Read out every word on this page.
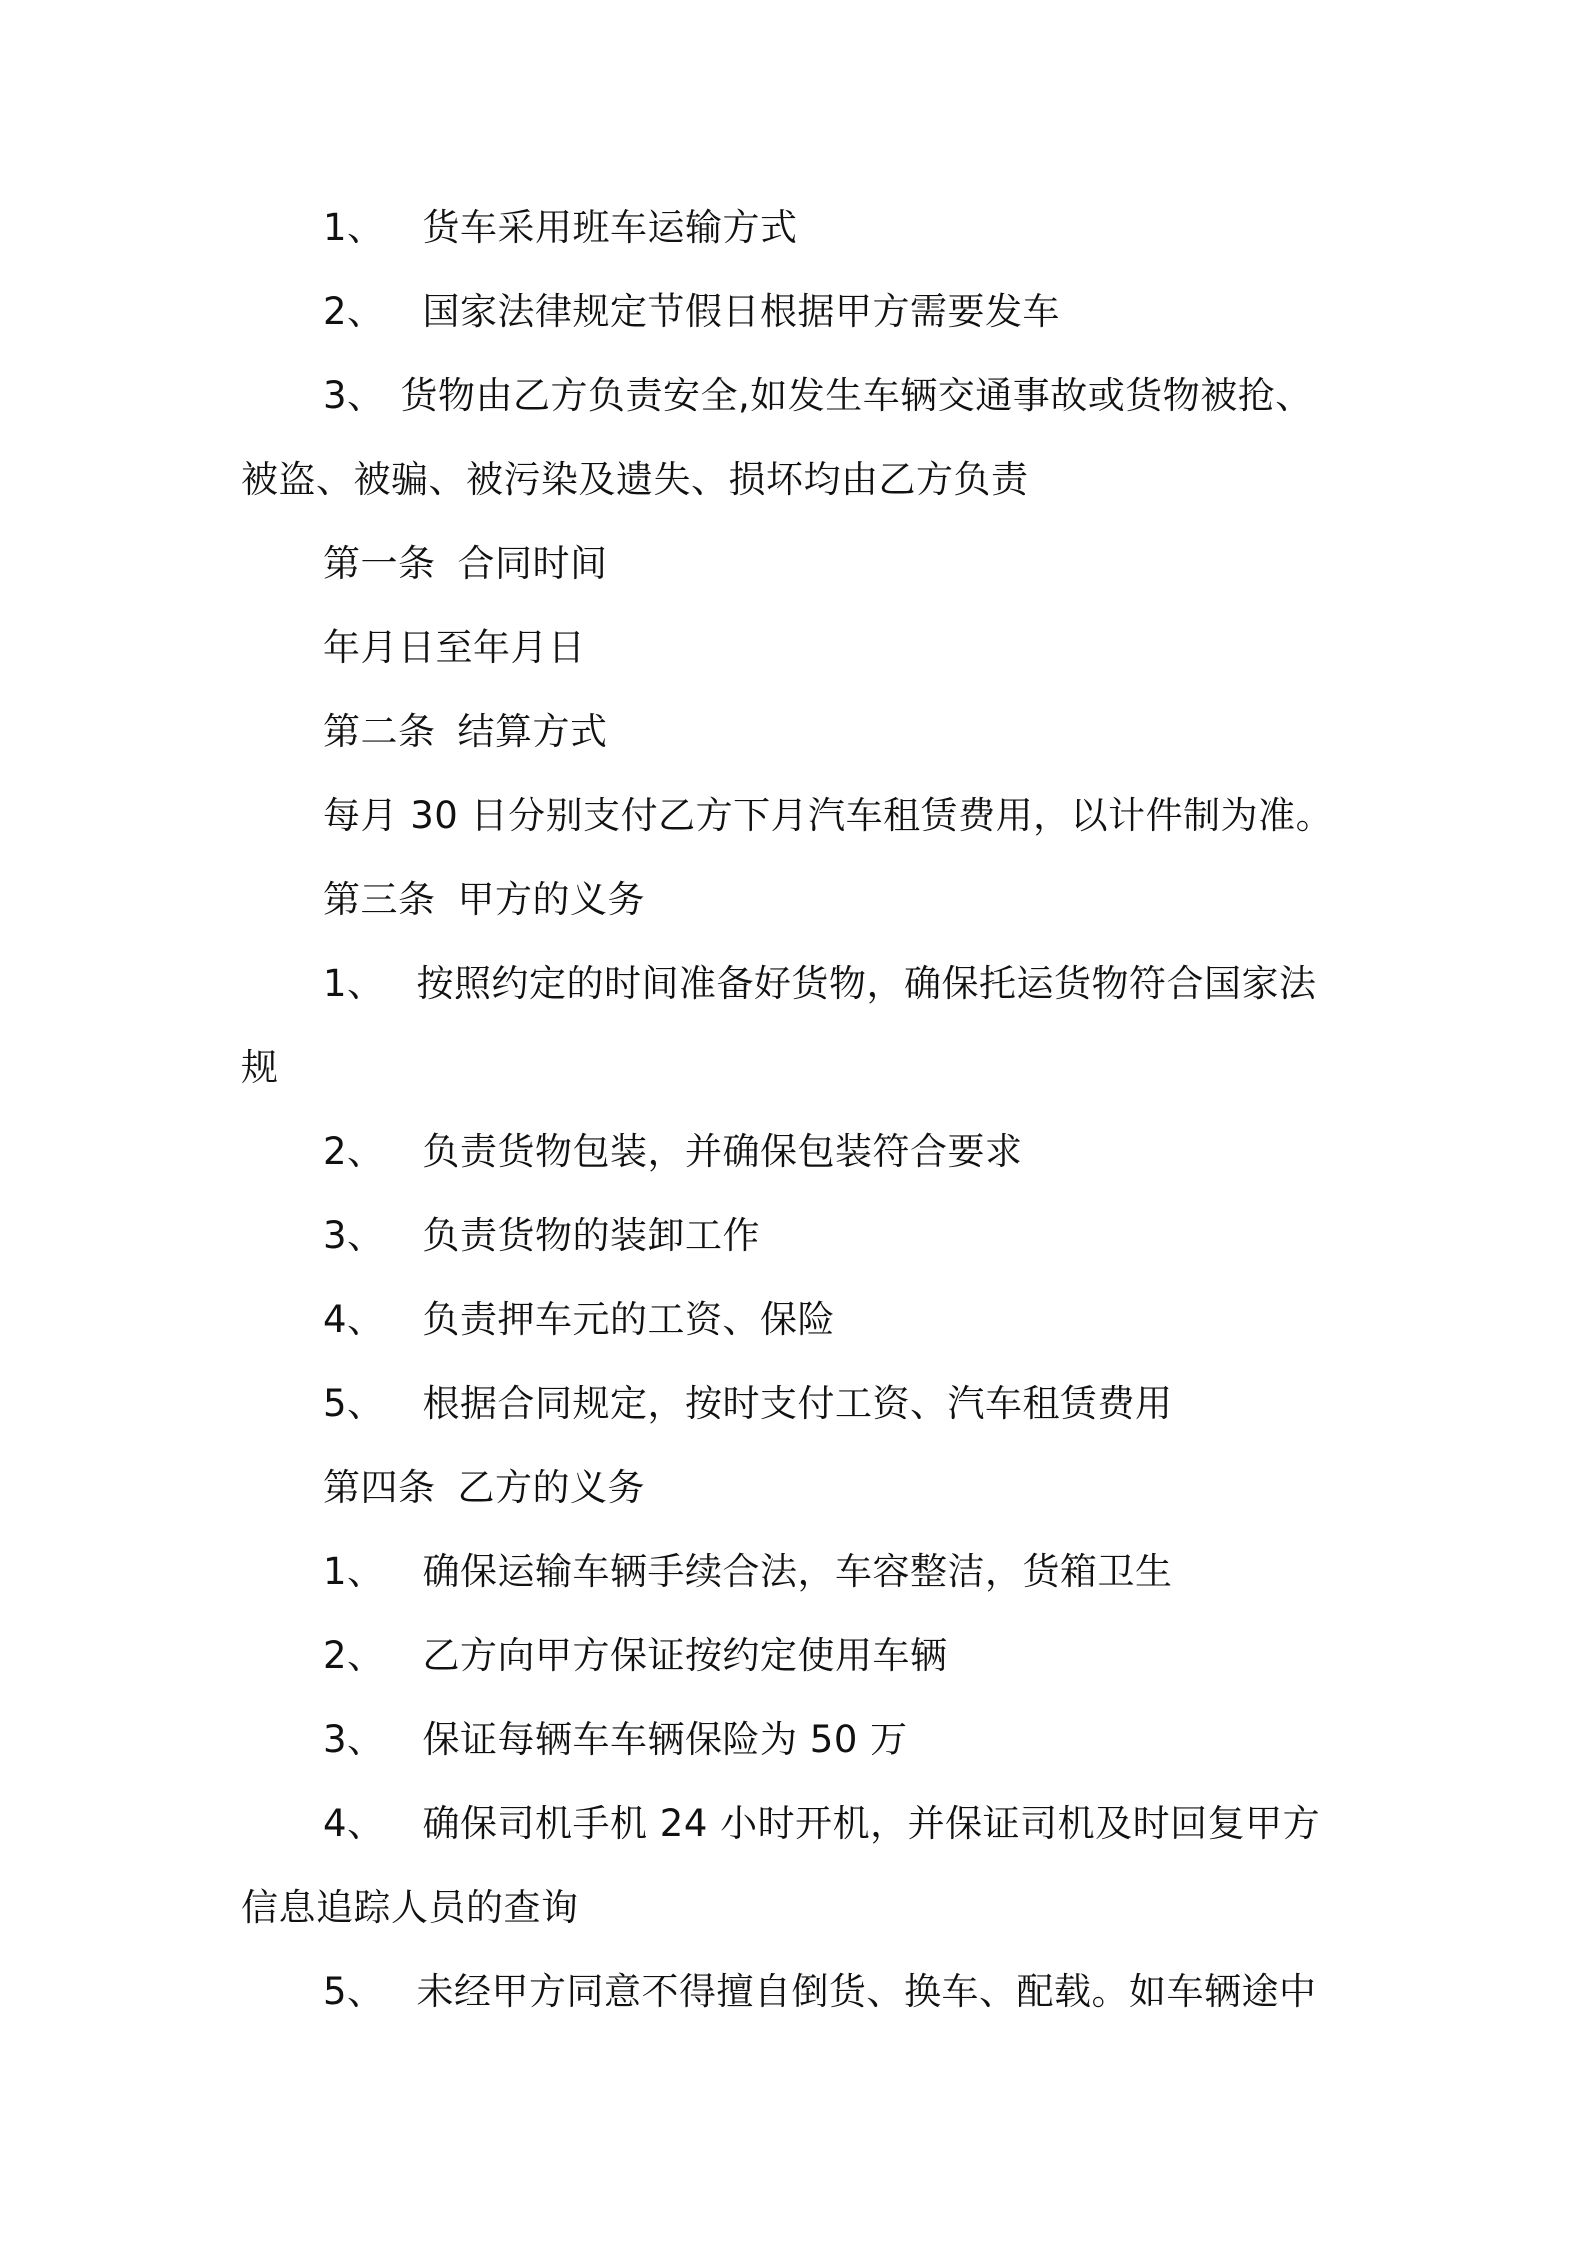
1、 货车采用班车运输方式
2、 国家法律规定节假日根据甲方需要发车
3、 货物由乙方负责安全,如发生车辆交通事故或货物被抢、
被盗、被骗、被污染及遗失、损坏均由乙方负责
第一条 合同时间
年月日至年月日
第二条 结算方式
每月 30 日分别支付乙方下月汽车租赁费用，以计件制为准。
第三条 甲方的义务
1、 按照约定的时间准备好货物，确保托运货物符合国家法
规
2、 负责货物包装，并确保包装符合要求
3、 负责货物的装卸工作
4、 负责押车元的工资、保险
5、 根据合同规定，按时支付工资、汽车租赁费用
第四条 乙方的义务
1、 确保运输车辆手续合法，车容整洁，货箱卫生
2、 乙方向甲方保证按约定使用车辆
3、 保证每辆车车辆保险为 50 万
4、 确保司机手机 24 小时开机，并保证司机及时回复甲方
信息追踪人员的查询
5、 未经甲方同意不得擅自倒货、换车、配载。如车辆途中
